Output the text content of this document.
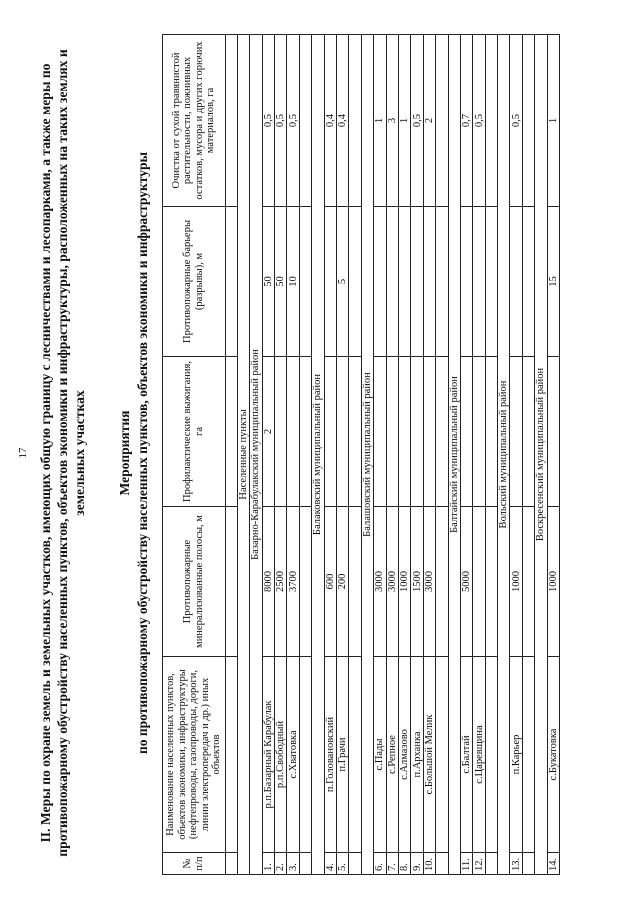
17 II. Меры по охране земель и земельных участков, имеющих общую границу с лесничествами и лесопарками, а также меры по противопожарному обустройству населенных пунктов, объектов экономики и инфраструктуры, расположенных на таких землях и земельных участках Мероприятия по противопожарному обустройству населенных пунктов, объектов экономики и инфраструктуры
№ п/п	Наименование населенных пунктов, объектов экономики, инфраструктуры (нефтепроводы, газопроводы, дороги, линии электропередач и др.) иных объектов	Противопожарные минерализованные полосы, м	Профилактические выжигания, га	Противопожарные барьеры (разрывы), м	Очистка от сухой травянистой растительности, пожнивных остатков, мусора и других горючих материалов, га

Населенные пункты					
Базарно-Карабулакский муниципальный район					
1.	р.п.Базарный Карабулак	8000	2	50	0,5
2.	р.п.Свободный	2500		50	0,5
3.	с.Хватовка	3700		10	0,5

Балаковский муниципальный район					
4.	п.Головановский	600			0,4
5.	п.Грачи	200		5	0,4

Балашовский муниципальный район					
6.	с.Пады	3000			1
7.	с.Репное	3000			3
8.	с.Алмазово	1000			1
9.	п.Арханка	1500			0,5
10.	с.Большой Мелик	3000			2

Балтайский муниципальный район					
11.	с.Балтай	5000			0,7
12.	с.Царевщина				0,5

Вольский муниципальный район					
13.	п.Карьер	1000			0,5

Воскресенский муниципальный район					
14.	с.Букатовка	1000		15	1
